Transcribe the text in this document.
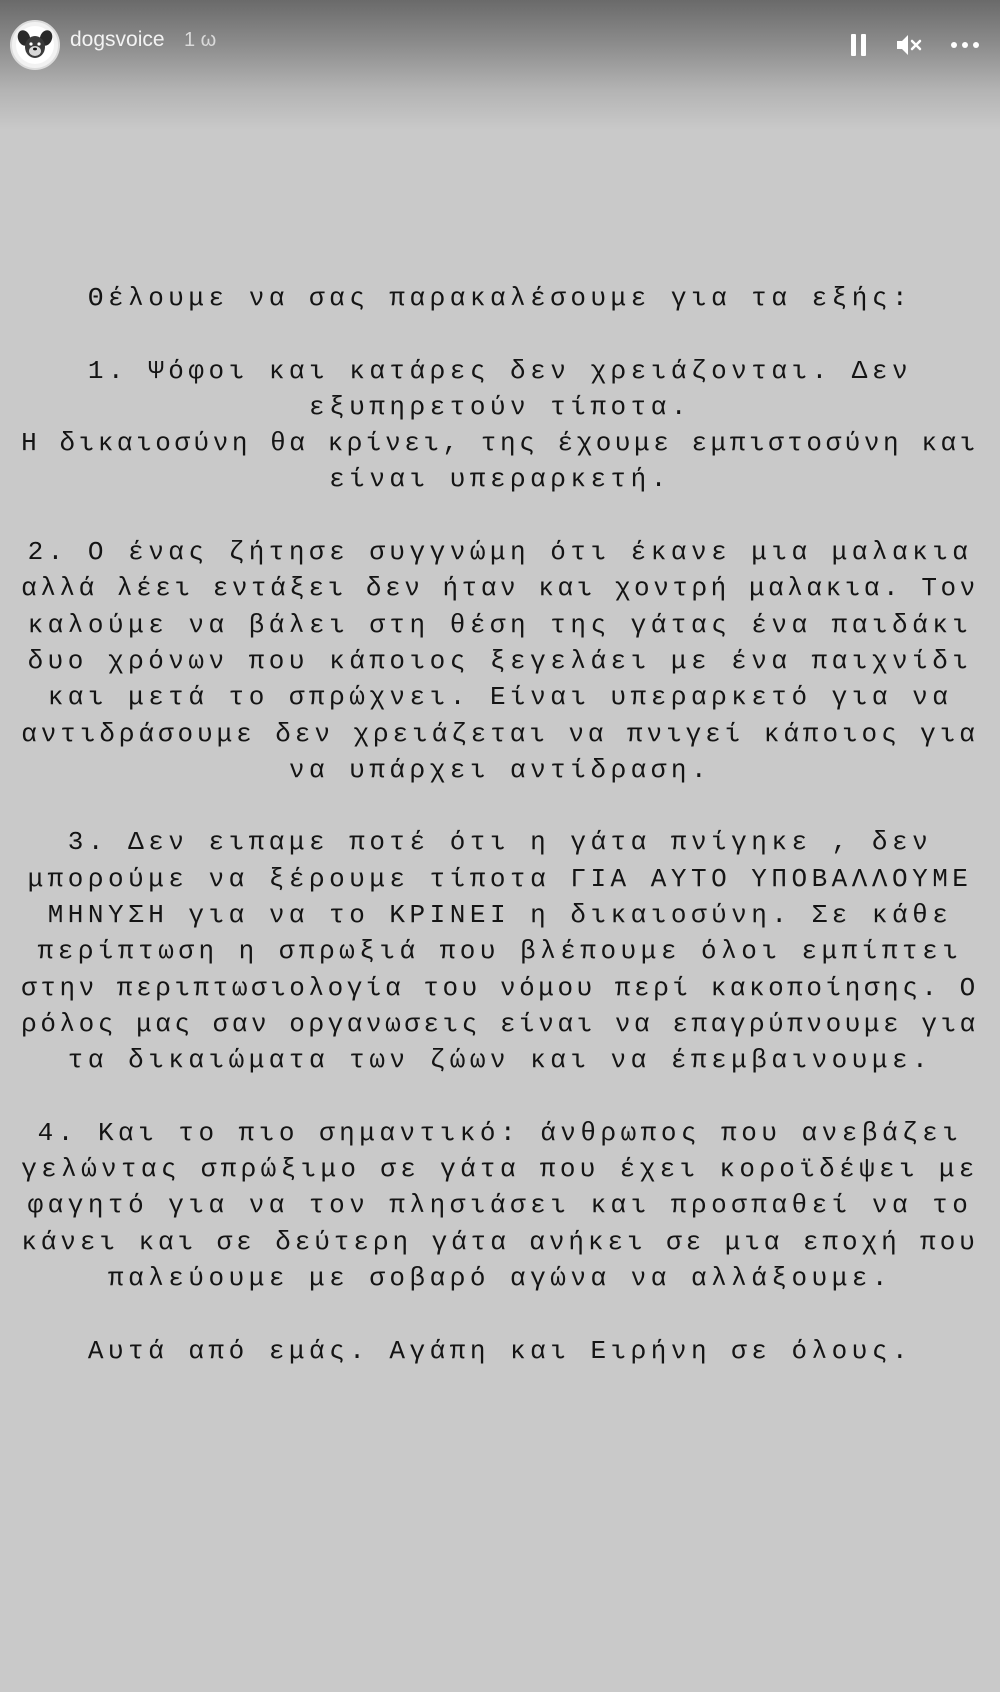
dogsvoice 1 ω

Θέλουμε να σας παρακαλέσουμε για τα εξής:

1. Ψόφοι και κατάρες δεν χρειάζονται. Δεν
εξυπηρετούν τίποτα.
Η δικαιοσύνη θα κρίνει, της έχουμε εμπιστοσύνη και
είναι υπεραρκετή.

2. Ο ένας ζήτησε συγγνώμη ότι έκανε μια μαλακια
αλλά λέει εντάξει δεν ήταν και χοντρή μαλακια. Τον
καλούμε να βάλει στη θέση της γάτας ένα παιδάκι
δυο χρόνων που κάποιος ξεγελάει με ένα παιχνίδι
και μετά το σπρώχνει. Είναι υπεραρκετό για να
αντιδράσουμε δεν χρειάζεται να πνιγεί κάποιος για
να υπάρχει αντίδραση.

3. Δεν ειπαμε ποτέ ότι η γάτα πνίγηκε , δεν
μπορούμε να ξέρουμε τίποτα ΓΙΑ ΑΥΤΟ ΥΠΟΒΑΛΛΟΥΜΕ
ΜΗΝΥΣΗ για να το ΚΡΙΝΕΙ η δικαιοσύνη. Σε κάθε
περίπτωση η σπρωξιά που βλέπουμε όλοι εμπίπτει
στην περιπτωσιολογία του νόμου περί κακοποίησης. Ο
ρόλος μας σαν οργανωσεις είναι να επαγρύπνουμε για
τα δικαιώματα των ζώων και να έπεμβαινουμε.

4. Και το πιο σημαντικό: άνθρωπος που ανεβάζει
γελώντας σπρώξιμο σε γάτα που έχει κοροϊδέψει με
φαγητό για να τον πλησιάσει και προσπαθεί να το
κάνει και σε δεύτερη γάτα ανήκει σε μια εποχή που
παλεύουμε με σοβαρό αγώνα να αλλάξουμε.

Αυτά από εμάς. Αγάπη και Ειρήνη σε όλους.
